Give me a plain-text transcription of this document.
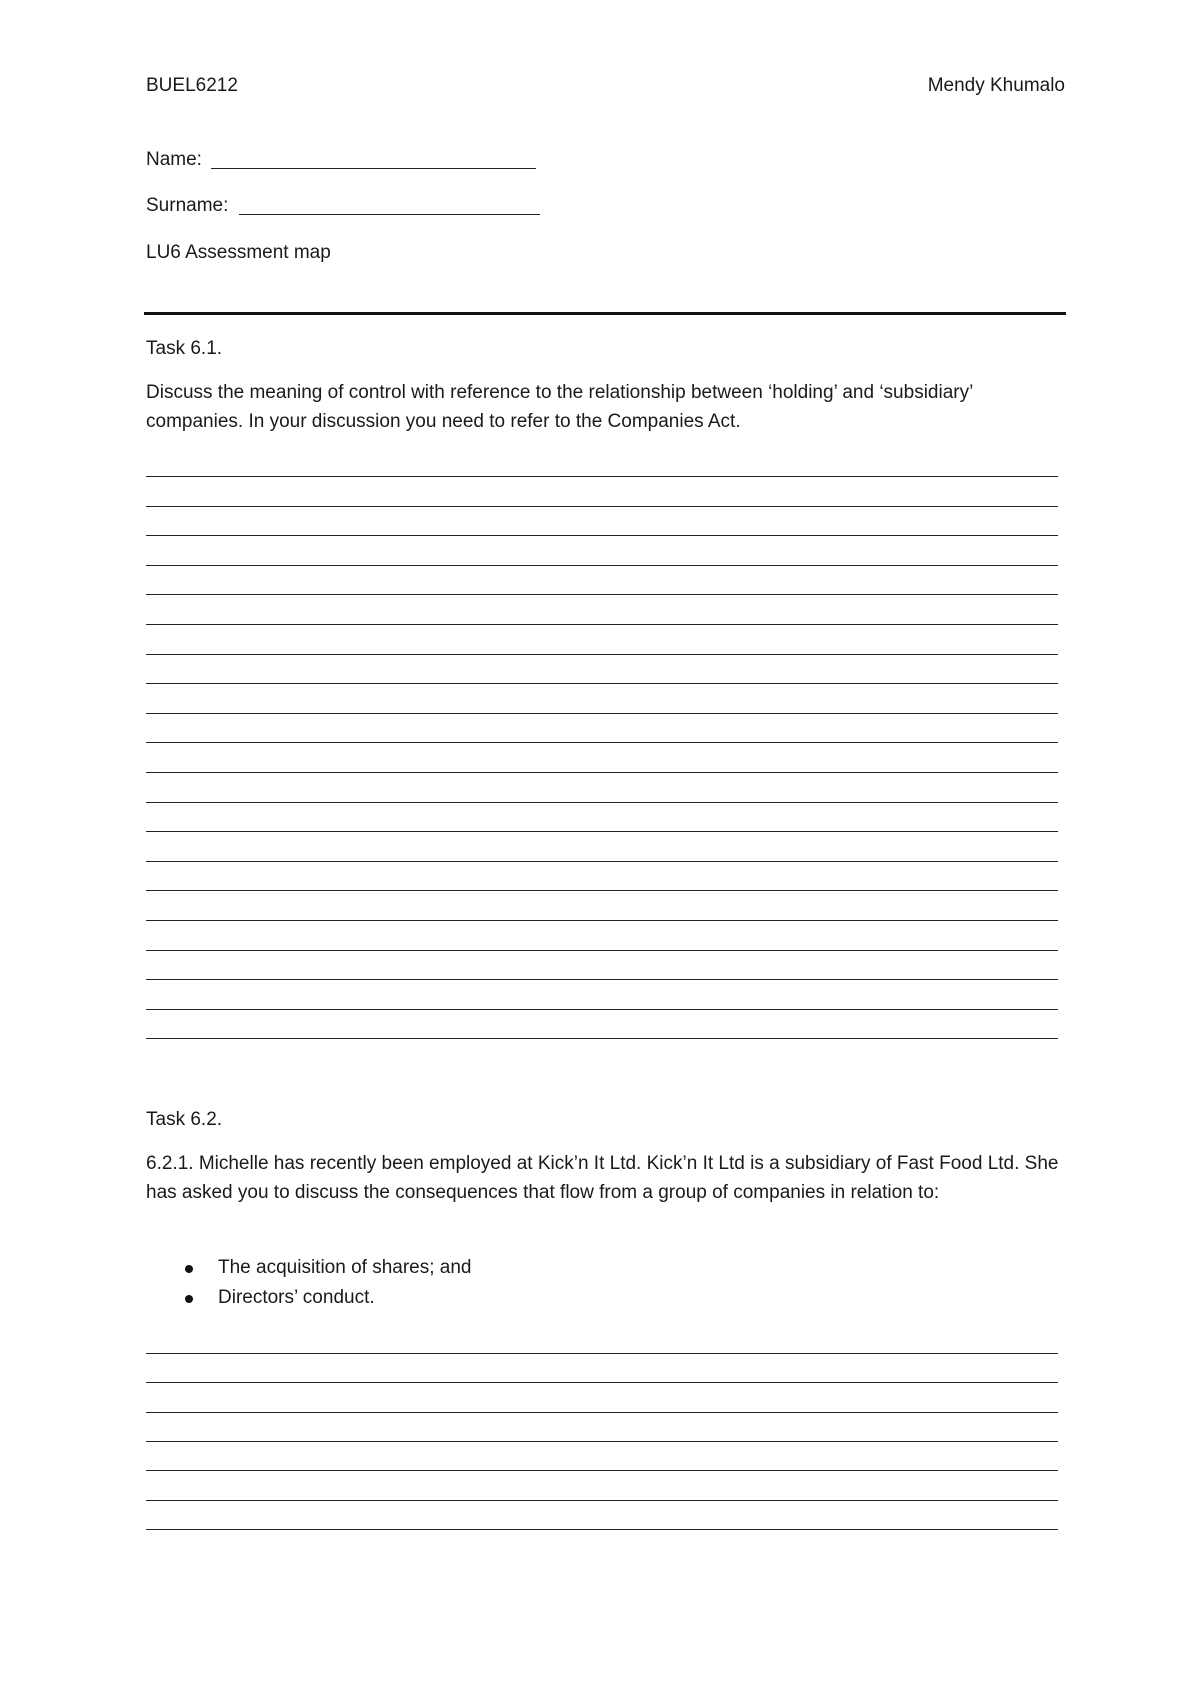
BUEL6212	Mendy Khumalo
Name:
Surname:
LU6 Assessment map
Task 6.1.
Discuss the meaning of control with reference to the relationship between ‘holding’ and ‘subsidiary’ companies. In your discussion you need to refer to the Companies Act.
Task 6.2.
6.2.1. Michelle has recently been employed at Kick’n It Ltd. Kick’n It Ltd is a subsidiary of Fast Food Ltd. She has asked you to discuss the consequences that flow from a group of companies in relation to:
The acquisition of shares; and
Directors’ conduct.
